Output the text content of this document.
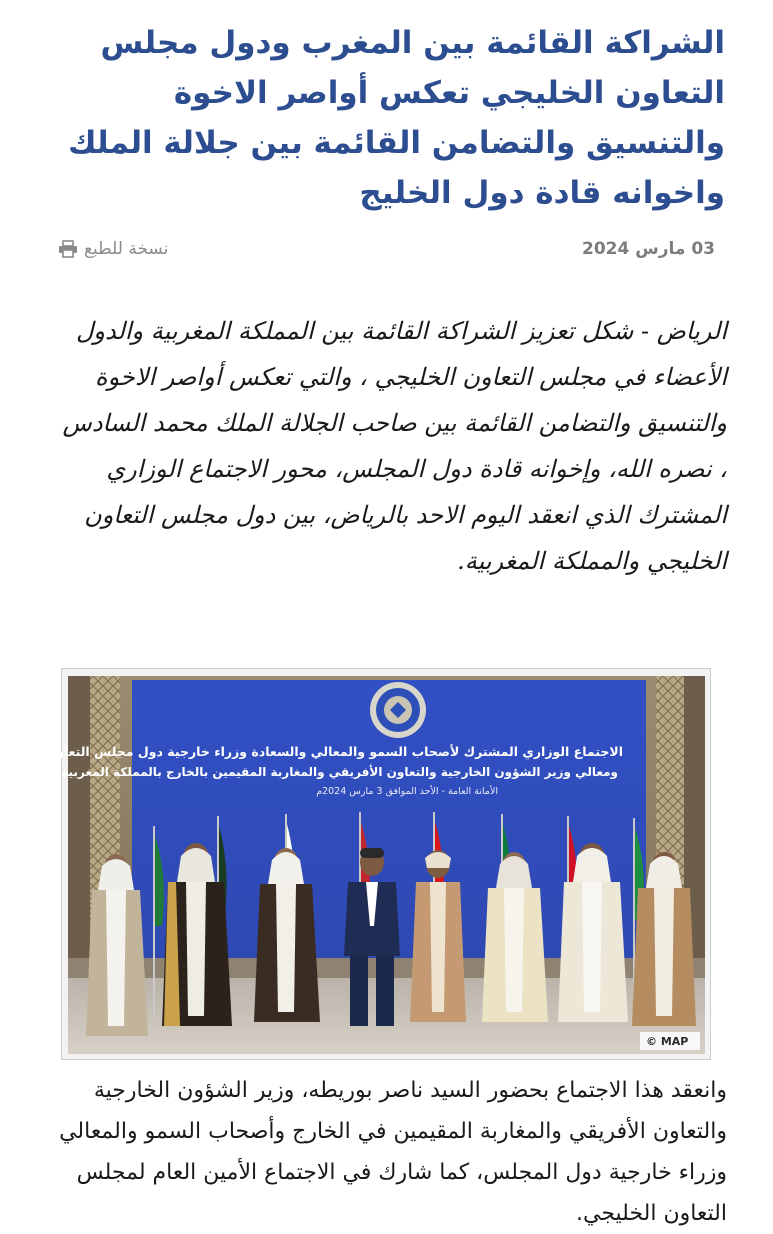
الشراكة القائمة بين المغرب ودول مجلس التعاون الخليجي تعكس أواصر الاخوة والتنسيق والتضامن القائمة بين جلالة الملك واخوانه قادة دول الخليج
03 مارس 2024
نسخة للطبع

الرياض - شكل تعزيز الشراكة القائمة بين المملكة المغربية والدول الأعضاء في مجلس التعاون الخليجي ، والتي تعكس أواصر الاخوة والتنسيق والتضامن القائمة بين صاحب الجلالة الملك محمد السادس ، نصره الله، وإخوانه قادة دول المجلس، محور الاجتماع الوزاري المشترك الذي انعقد اليوم الاحد بالرياض، بين دول مجلس التعاون الخليجي والمملكة المغربية.

الاجتماع الوزاري المشترك لأصحاب السمو والمعالي والسعادة وزراء خارجية دول مجلس التعاون
ومعالي وزير الشؤون الخارجية والتعاون الأفريقي والمغاربة المقيمين بالخارج بالمملكة المغربية
الأمانة العامة - الأحد الموافق 3 مارس 2024م
© MAP

وانعقد هذا الاجتماع بحضور السيد ناصر بوريطه، وزير الشؤون الخارجية والتعاون الأفريقي والمغاربة المقيمين في الخارج وأصحاب السمو والمعالي وزراء خارجية دول المجلس، كما شارك في الاجتماع الأمين العام لمجلس التعاون الخليجي.
